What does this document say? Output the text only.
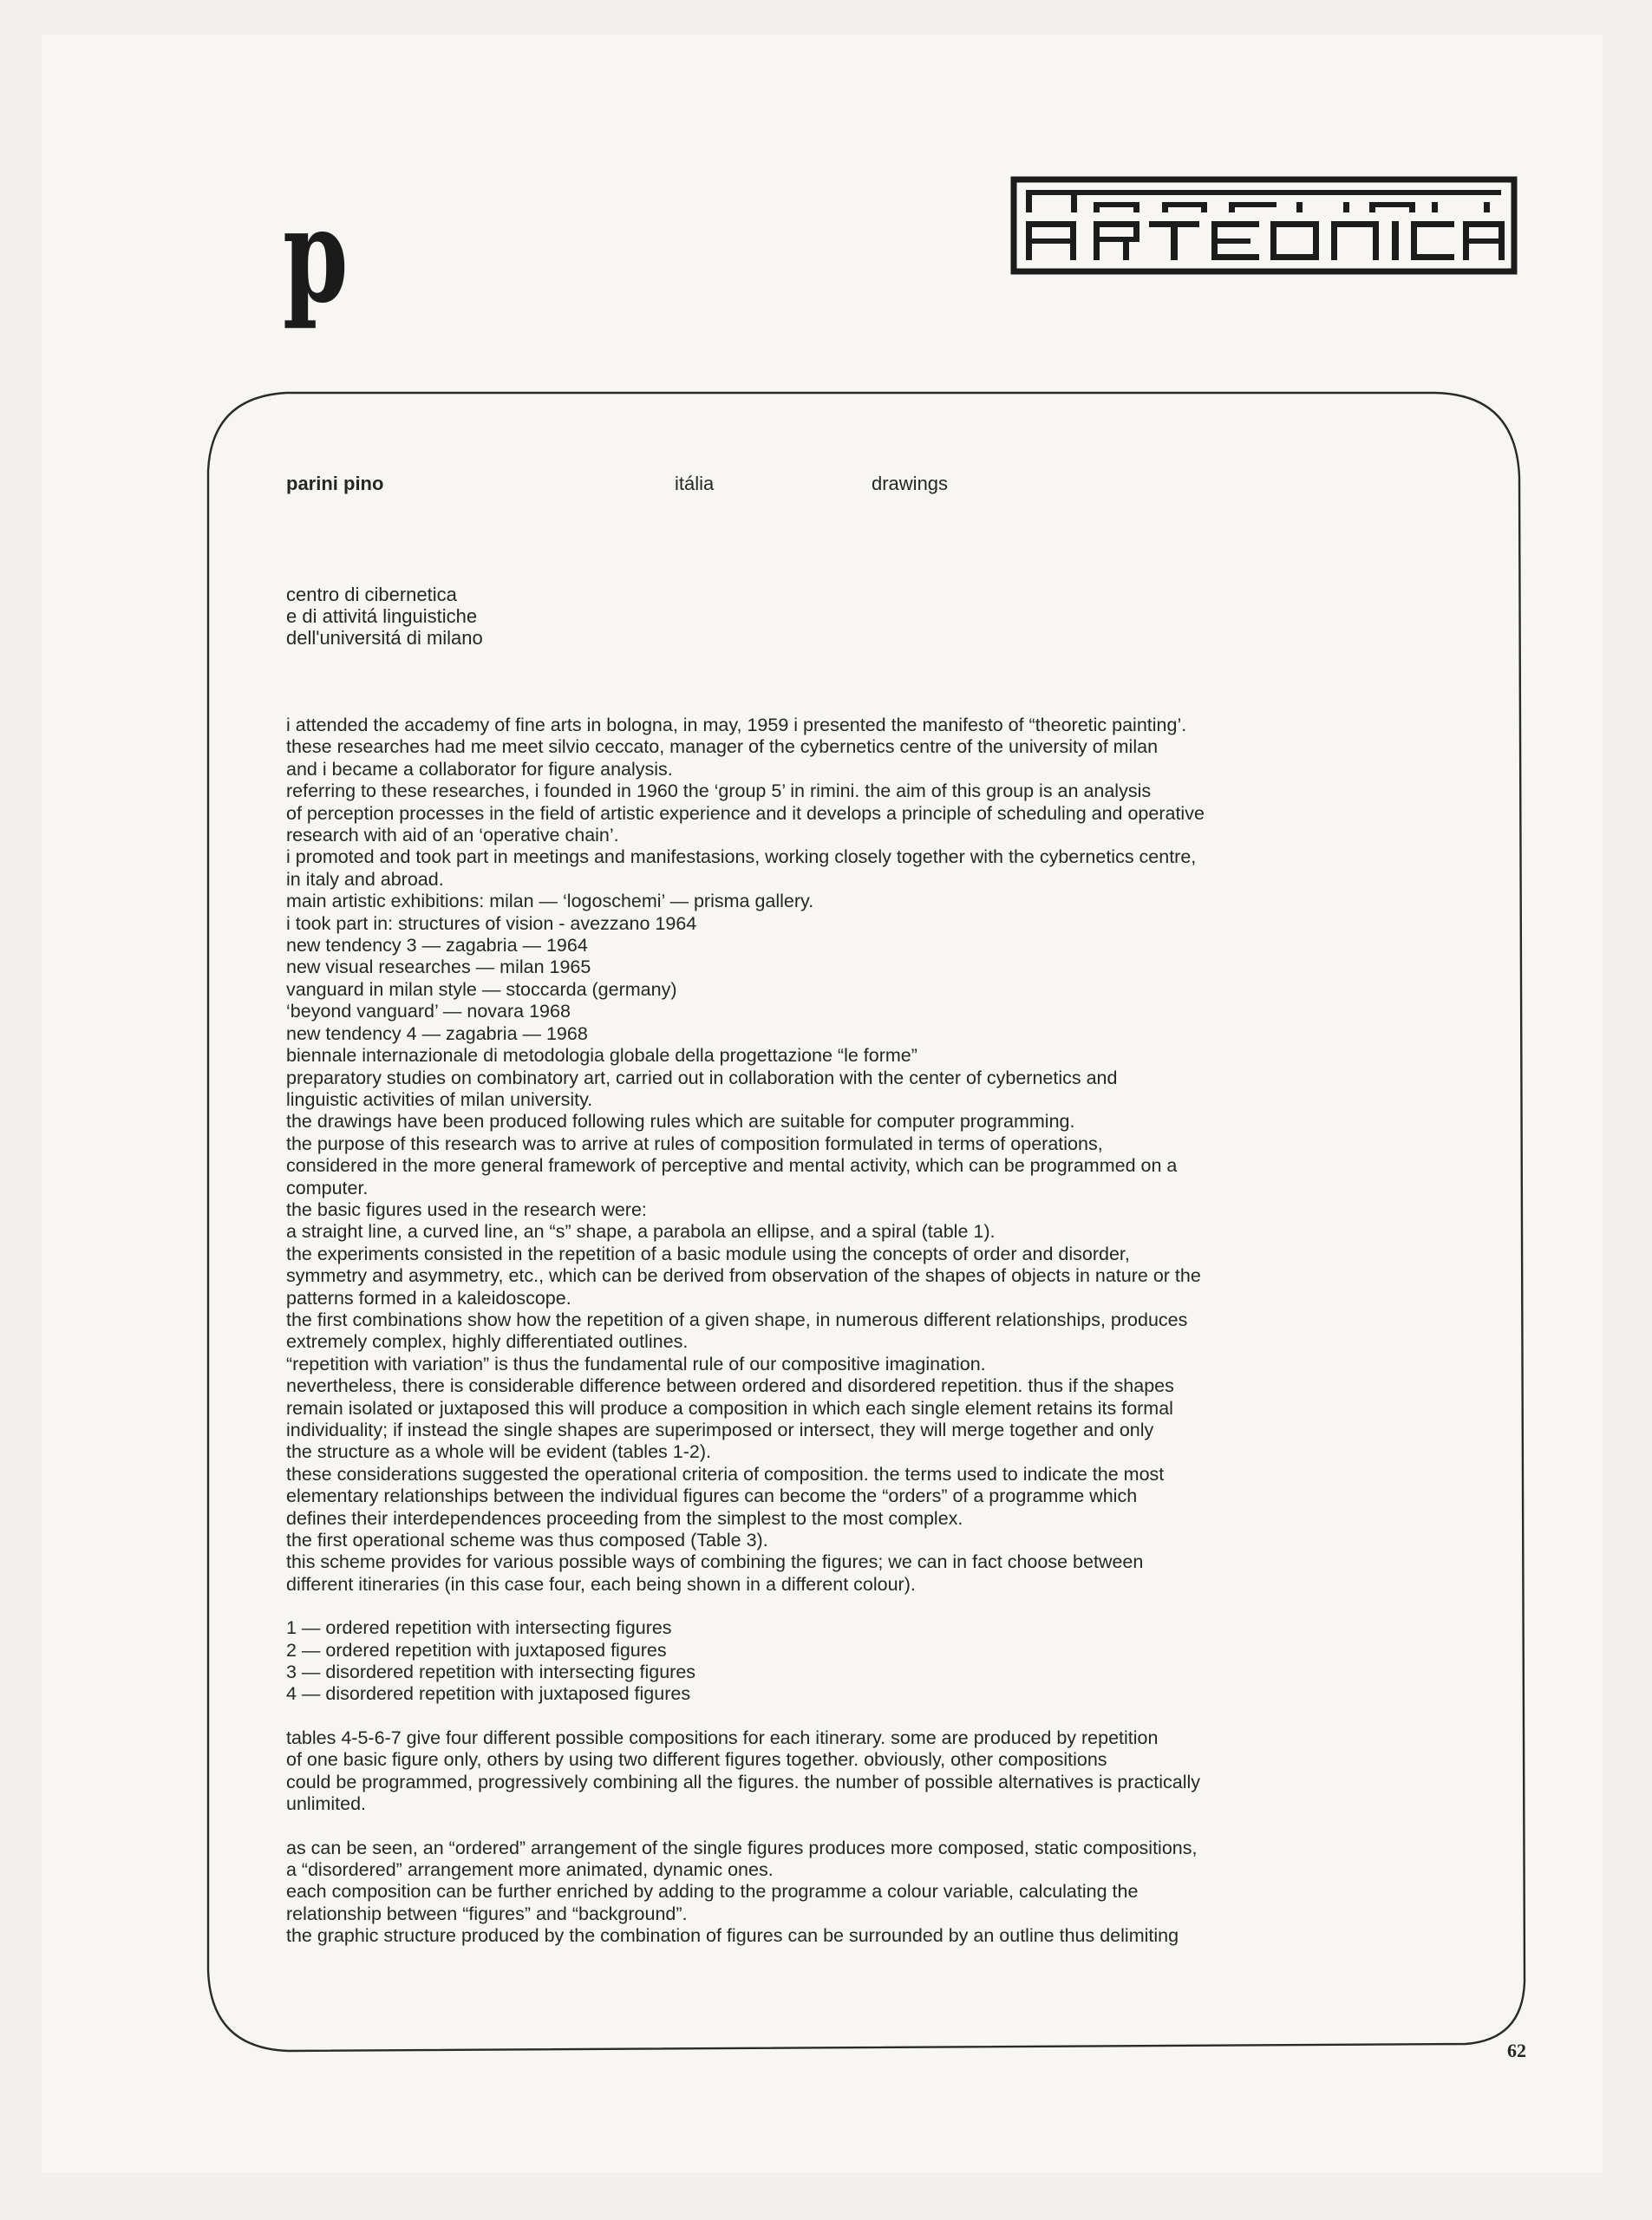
p
parini pino	itália	drawings
centro di cibernetica
e di attivitá linguistiche
dell'universitá di milano
i attended the accademy of fine arts in bologna, in may, 1959 i presented the manifesto of “theoretic painting’.
these researches had me meet silvio ceccato, manager of the cybernetics centre of the university of milan
and i became a collaborator for figure analysis.
referring to these researches, i founded in 1960 the ‘group 5’ in rimini. the aim of this group is an analysis
of perception processes in the field of artistic experience and it develops a principle of scheduling and operative
research with aid of an ‘operative chain’.
i promoted and took part in meetings and manifestasions, working closely together with the cybernetics centre,
in italy and abroad.
main artistic exhibitions: milan — ‘logoschemi’ — prisma gallery.
i took part in: structures of vision - avezzano 1964
new tendency 3 — zagabria — 1964
new visual researches — milan 1965
vanguard in milan style — stoccarda (germany)
‘beyond vanguard’ — novara 1968
new tendency 4 — zagabria — 1968
biennale internazionale di metodologia globale della progettazione “le forme”
preparatory studies on combinatory art, carried out in collaboration with the center of cybernetics and
linguistic activities of milan university.
the drawings have been produced following rules which are suitable for computer programming.
the purpose of this research was to arrive at rules of composition formulated in terms of operations,
considered in the more general framework of perceptive and mental activity, which can be programmed on a
computer.
the basic figures used in the research were:
a straight line, a curved line, an “s” shape, a parabola an ellipse, and a spiral (table 1).
the experiments consisted in the repetition of a basic module using the concepts of order and disorder,
symmetry and asymmetry, etc., which can be derived from observation of the shapes of objects in nature or the
patterns formed in a kaleidoscope.
the first combinations show how the repetition of a given shape, in numerous different relationships, produces
extremely complex, highly differentiated outlines.
“repetition with variation” is thus the fundamental rule of our compositive imagination.
nevertheless, there is considerable difference between ordered and disordered repetition. thus if the shapes
remain isolated or juxtaposed this will produce a composition in which each single element retains its formal
individuality; if instead the single shapes are superimposed or intersect, they will merge together and only
the structure as a whole will be evident (tables 1-2).
these considerations suggested the operational criteria of composition. the terms used to indicate the most
elementary relationships between the individual figures can become the “orders” of a programme which
defines their interdependences proceeding from the simplest to the most complex.
the first operational scheme was thus composed (Table 3).
this scheme provides for various possible ways of combining the figures; we can in fact choose between
different itineraries (in this case four, each being shown in a different colour).
1 — ordered repetition with intersecting figures
2 — ordered repetition with juxtaposed figures
3 — disordered repetition with intersecting figures
4 — disordered repetition with juxtaposed figures
tables 4-5-6-7 give four different possible compositions for each itinerary. some are produced by repetition
of one basic figure only, others by using two different figures together. obviously, other compositions
could be programmed, progressively combining all the figures. the number of possible alternatives is practically
unlimited.
as can be seen, an “ordered” arrangement of the single figures produces more composed, static compositions,
a “disordered” arrangement more animated, dynamic ones.
each composition can be further enriched by adding to the programme a colour variable, calculating the
relationship between “figures” and “background”.
the graphic structure produced by the combination of figures can be surrounded by an outline thus delimiting
62
